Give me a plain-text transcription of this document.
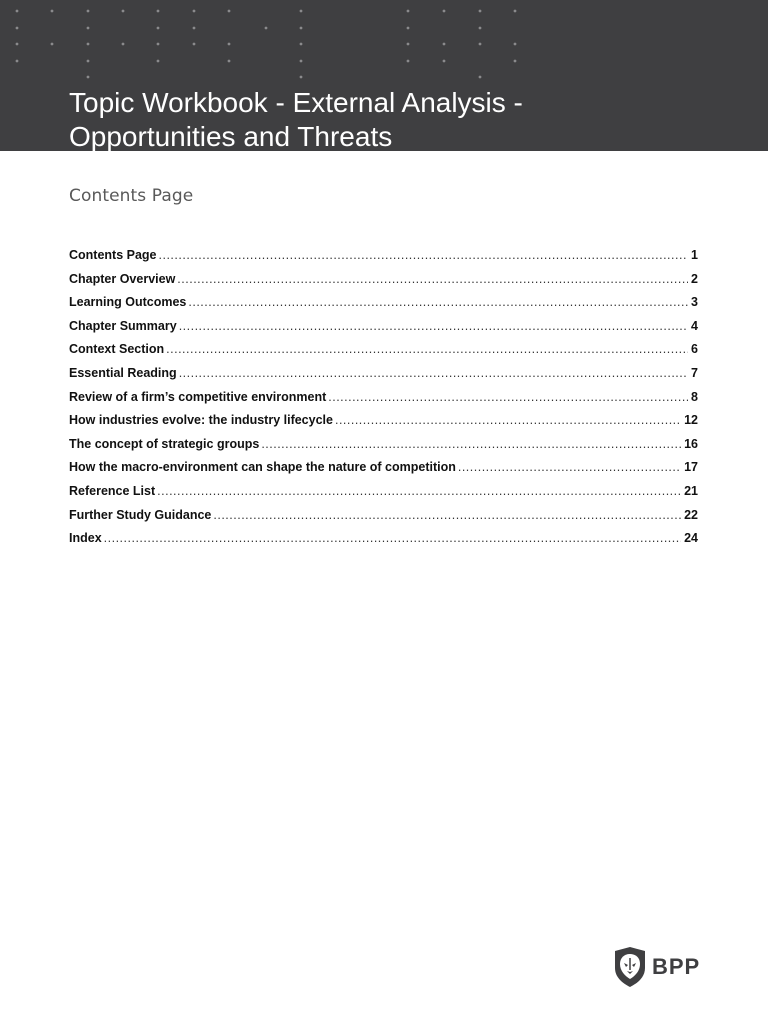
Topic Workbook - External Analysis -
Opportunities and Threats
Contents Page
Contents Page .....	1
Chapter Overview .....	2
Learning Outcomes .....	3
Chapter Summary .....	4
Context Section .....	6
Essential Reading .....	7
Review of a firm’s competitive environment .....	8
How industries evolve: the industry lifecycle .....	12
The concept of strategic groups .....	16
How the macro-environment can shape the nature of competition .....	17
Reference List .....	21
Further Study Guidance .....	22
Index .....	24
BPP
